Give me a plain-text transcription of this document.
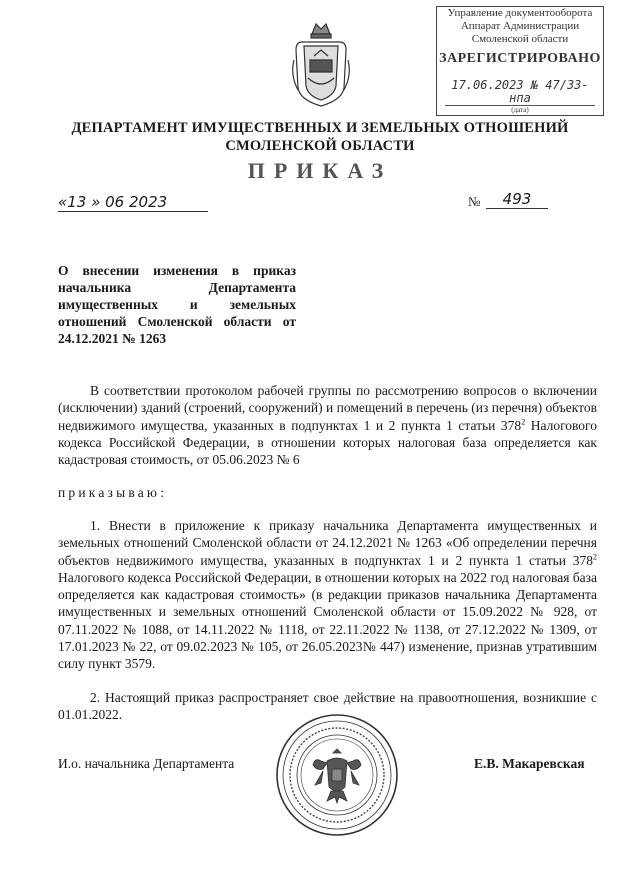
Управление документооборота
Аппарат Администрации
Смоленской области
ЗАРЕГИСТРИРОВАНО
17.06.2023 № 47/33-нпа
(дата)
ДЕПАРТАМЕНТ ИМУЩЕСТВЕННЫХ И ЗЕМЕЛЬНЫХ ОТНОШЕНИЙ
СМОЛЕНСКОЙ ОБЛАСТИ
ПРИКАЗ
«13 » 06 2023	№	493
О внесении изменения в приказ начальника Департамента имущественных и земельных отношений Смоленской области от 24.12.2021 № 1263
В соответствии протоколом рабочей группы по рассмотрению вопросов о включении (исключении) зданий (строений, сооружений) и помещений в перечень (из перечня) объектов недвижимого имущества, указанных в подпунктах 1 и 2 пункта 1 статьи $378^2$ Налогового кодекса Российской Федерации, в отношении которых налоговая база определяется как кадастровая стоимость, от 05.06.2023 № 6
приказываю:
1. Внести в приложение к приказу начальника Департамента имущественных и земельных отношений Смоленской области от 24.12.2021 № 1263 «Об определении перечня объектов недвижимого имущества, указанных в подпунктах 1 и 2 пункта 1 статьи $378^2$ Налогового кодекса Российской Федерации, в отношении которых на 2022 год налоговая база определяется как кадастровая стоимость» (в редакции приказов начальника Департамента имущественных и земельных отношений Смоленской области от 15.09.2022 № 928, от 07.11.2022 № 1088, от 14.11.2022 № 1118, от 22.11.2022 № 1138, от 27.12.2022 № 1309, от 17.01.2023 № 22, от 09.02.2023 № 105, от 26.05.2023№ 447) изменение, признав утратившим силу пункт 3579.
2. Настоящий приказ распространяет свое действие на правоотношения, возникшие с 01.01.2022.
И.о. начальника Департамента	Е.В. Макаревская
